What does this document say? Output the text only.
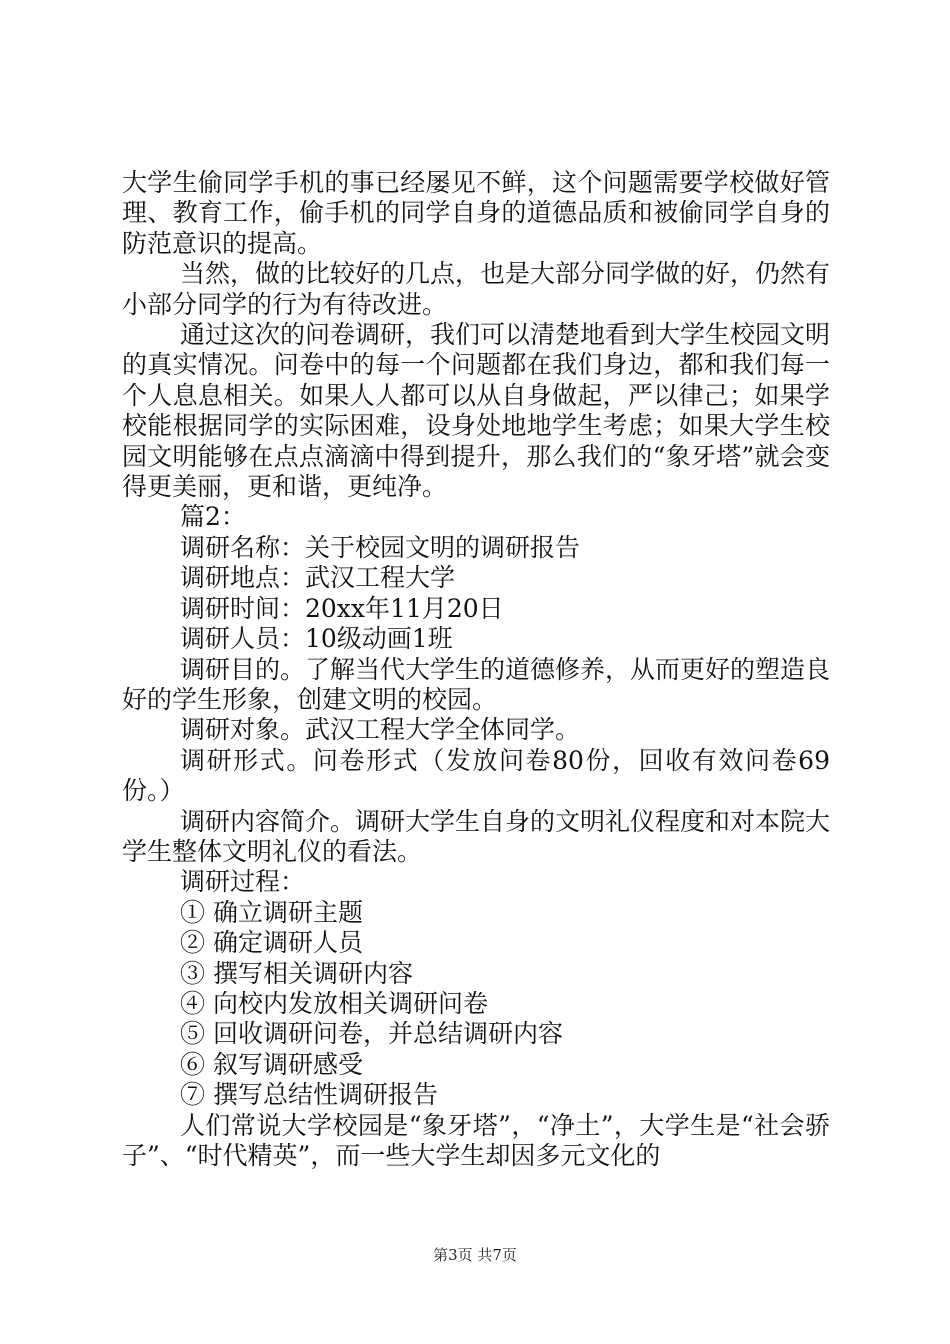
大学生偷同学手机的事已经屡见不鲜，这个问题需要学校做好管理、教育工作，偷手机的同学自身的道德品质和被偷同学自身的防范意识的提高。

当然，做的比较好的几点，也是大部分同学做的好，仍然有小部分同学的行为有待改进。

通过这次的问卷调研，我们可以清楚地看到大学生校园文明的真实情况。问卷中的每一个问题都在我们身边，都和我们每一个人息息相关。如果人人都可以从自身做起，严以律己；如果学校能根据同学的实际困难，设身处地地学生考虑；如果大学生校园文明能够在点点滴滴中得到提升，那么我们的“象牙塔”就会变得更美丽，更和谐，更纯净。

篇2：

调研名称：关于校园文明的调研报告

调研地点：武汉工程大学

调研时间：20xx年11月20日

调研人员：10级动画1班

调研目的。了解当代大学生的道德修养，从而更好的塑造良好的学生形象，创建文明的校园。

调研对象。武汉工程大学全体同学。

调研形式。问卷形式（发放问卷80份，回收有效问卷69份。）

调研内容简介。调研大学生自身的文明礼仪程度和对本院大学生整体文明礼仪的看法。

调研过程：

① 确立调研主题

② 确定调研人员

③ 撰写相关调研内容

④ 向校内发放相关调研问卷

⑤ 回收调研问卷，并总结调研内容

⑥ 叙写调研感受

⑦ 撰写总结性调研报告

人们常说大学校园是“象牙塔”，“净土”，大学生是“社会骄子”、“时代精英”，而一些大学生却因多元文化的

第3页 共7页
